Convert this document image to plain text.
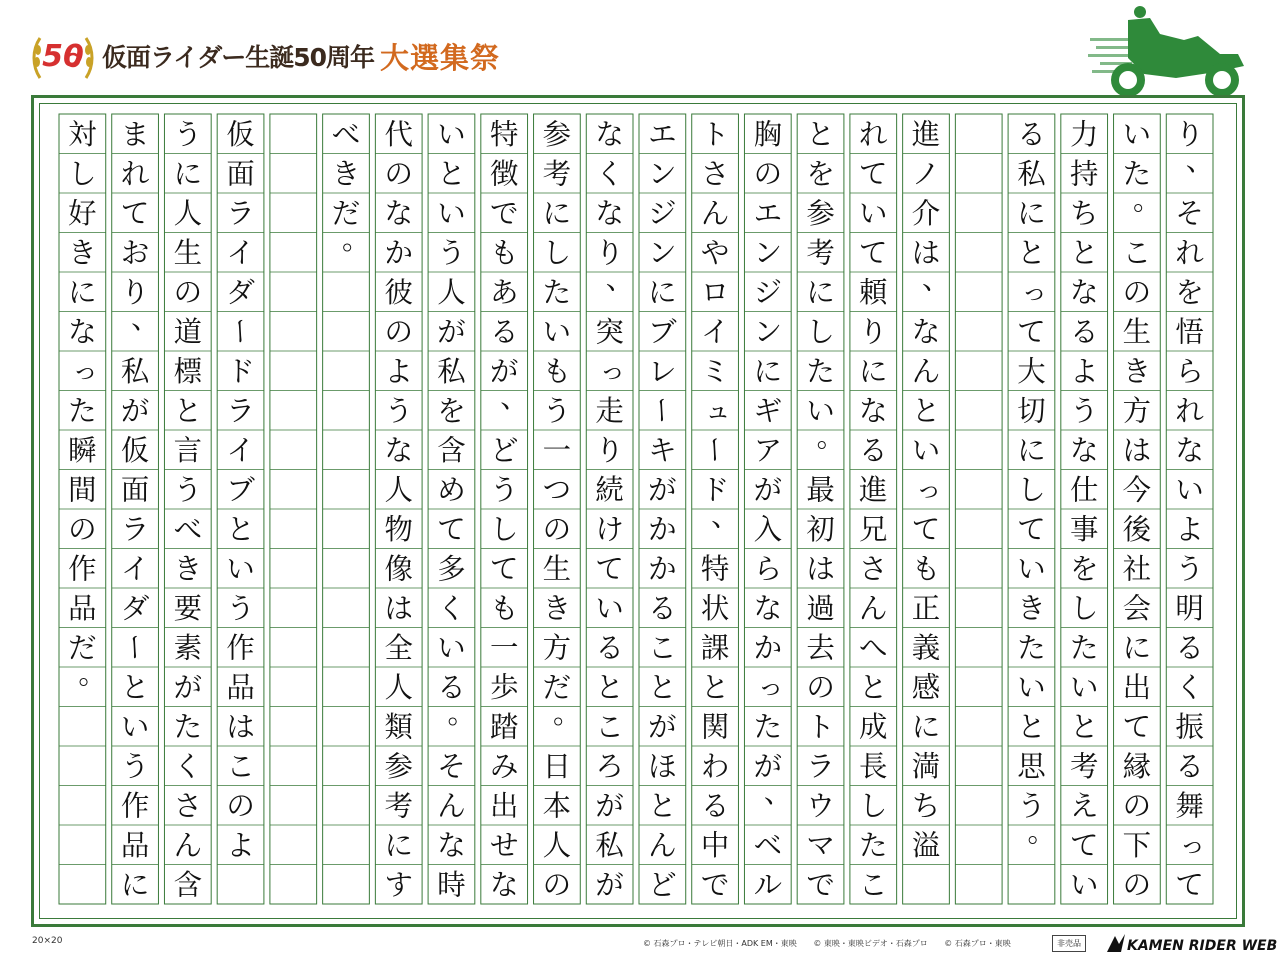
50 仮面ライダー生誕50周年 大選集祭
り
、
そ
れ
を
悟
ら
れ
な
い
よ
う
明
る
く
振
る
舞
っ
て
い
た
。
こ
の
生
き
方
は
今
後
社
会
に
出
て
縁
の
下
の
力
持
ち
と
な
る
よ
う
な
仕
事
を
し
た
い
と
考
え
て
い
る
私
に
と
っ
て
大
切
に
し
て
い
き
た
い
と
思
う
。
進
ノ
介
は
、
な
ん
と
い
っ
て
も
正
義
感
に
満
ち
溢
れ
て
い
て
頼
り
に
な
る
進
兄
さ
ん
へ
と
成
長
し
た
こ
と
を
参
考
に
し
た
い
。
最
初
は
過
去
の
ト
ラ
ウ
マ
で
胸
の
エ
ン
ジ
ン
に
ギ
ア
が
入
ら
な
か
っ
た
が
、
ベ
ル
ト
さ
ん
や
ロ
イ
ミ
ュ
ー
ド
、
特
状
課
と
関
わ
る
中
で
エ
ン
ジ
ン
に
ブ
レ
ー
キ
が
か
か
る
こ
と
が
ほ
と
ん
ど
な
く
な
り
、
突
っ
走
り
続
け
て
い
る
と
こ
ろ
が
私
が
参
考
に
し
た
い
も
う
一
つ
の
生
き
方
だ
。
日
本
人
の
特
徴
で
も
あ
る
が
、
ど
う
し
て
も
一
歩
踏
み
出
せ
な
い
と
い
う
人
が
私
を
含
め
て
多
く
い
る
。
そ
ん
な
時
代
の
な
か
彼
の
よ
う
な
人
物
像
は
全
人
類
参
考
に
す
べ
き
だ
。
仮
面
ラ
イ
ダ
ー
ド
ラ
イ
ブ
と
い
う
作
品
は
こ
の
よ
う
に
人
生
の
道
標
と
言
う
べ
き
要
素
が
た
く
さ
ん
含
ま
れ
て
お
り
、
私
が
仮
面
ラ
イ
ダ
ー
と
い
う
作
品
に
対
し
好
き
に
な
っ
た
瞬
間
の
作
品
だ
。
20×20	© 石森プロ・テレビ朝日・ADK EM・東映 © 東映・東映ビデオ・石森プロ © 石森プロ・東映	非売品	KAMEN RIDER WEB
